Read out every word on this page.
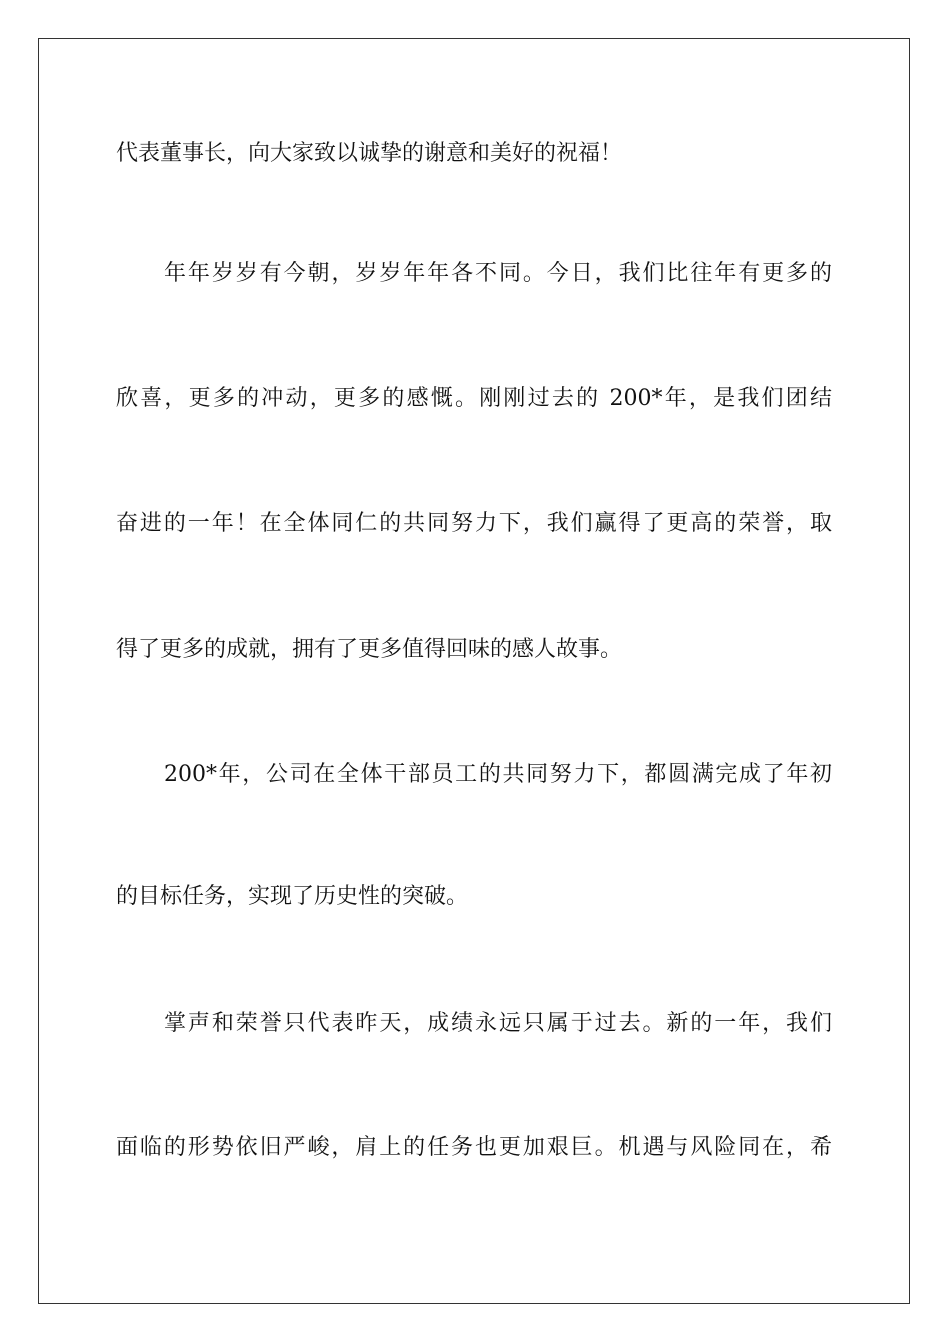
代表董事长，向大家致以诚挚的谢意和美好的祝福！
年年岁岁有今朝，岁岁年年各不同。今日，我们比往年有更多的
欣喜，更多的冲动，更多的感慨。刚刚过去的 200*年，是我们团结
奋进的一年！在全体同仁的共同努力下，我们赢得了更高的荣誉，取
得了更多的成就，拥有了更多值得回味的感人故事。
200*年，公司在全体干部员工的共同努力下，都圆满完成了年初
的目标任务，实现了历史性的突破。
掌声和荣誉只代表昨天，成绩永远只属于过去。新的一年，我们
面临的形势依旧严峻，肩上的任务也更加艰巨。机遇与风险同在，希
